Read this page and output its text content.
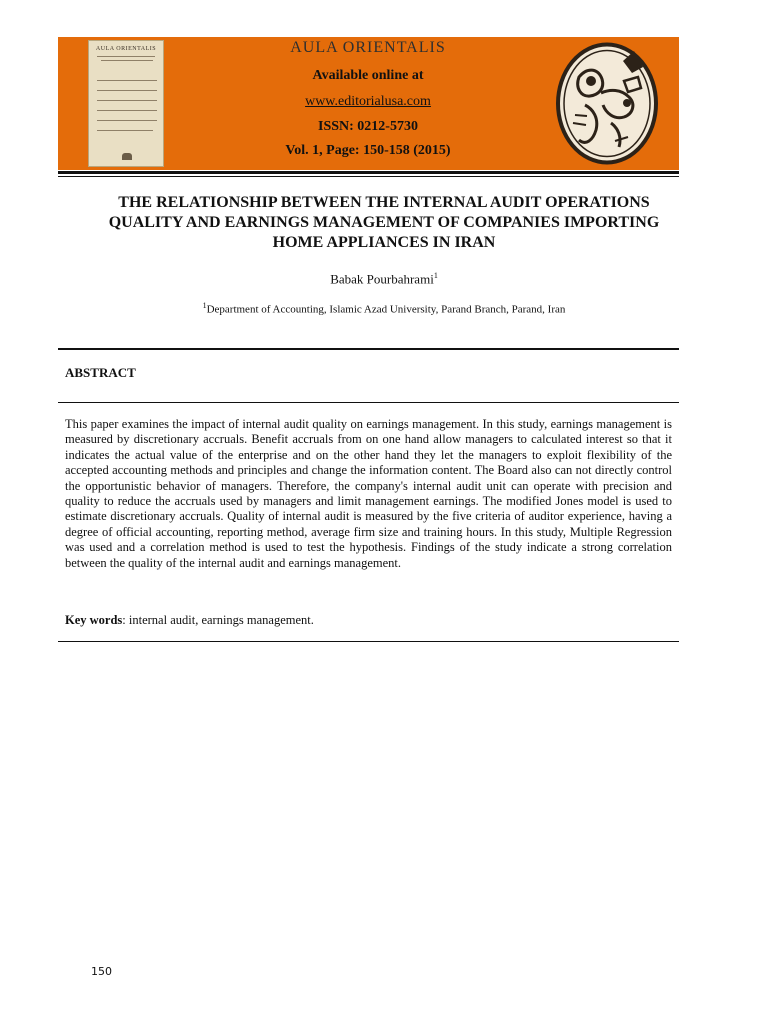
AULA ORIENTALIS	AULA ORIENTALIS
Available online at
www.editorialusa.com
ISSN: 0212-5730
Vol. 1, Page: 150-158 (2015)
THE RELATIONSHIP BETWEEN THE INTERNAL AUDIT OPERATIONS QUALITY AND EARNINGS MANAGEMENT OF COMPANIES IMPORTING HOME APPLIANCES IN IRAN
Babak Pourbahrami$^1$
$^1$Department of Accounting, Islamic Azad University, Parand Branch, Parand, Iran
ABSTRACT
This paper examines the impact of internal audit quality on earnings management. In this study, earnings management is measured by discretionary accruals. Benefit accruals from on one hand allow managers to calculated interest so that it indicates the actual value of the enterprise and on the other hand they let the managers to exploit flexibility of the accepted accounting methods and principles and change the information content. The Board also can not directly control the opportunistic behavior of managers. Therefore, the company's internal audit unit can operate with precision and quality to reduce the accruals used by managers and limit management earnings. The modified Jones model is used to estimate discretionary accruals. Quality of internal audit is measured by the five criteria of auditor experience, having a degree of official accounting, reporting method, average firm size and training hours. In this study, Multiple Regression was used and a correlation method is used to test the hypothesis. Findings of the study indicate a strong correlation between the quality of the internal audit and earnings management.
Key words: internal audit, earnings management.
150
